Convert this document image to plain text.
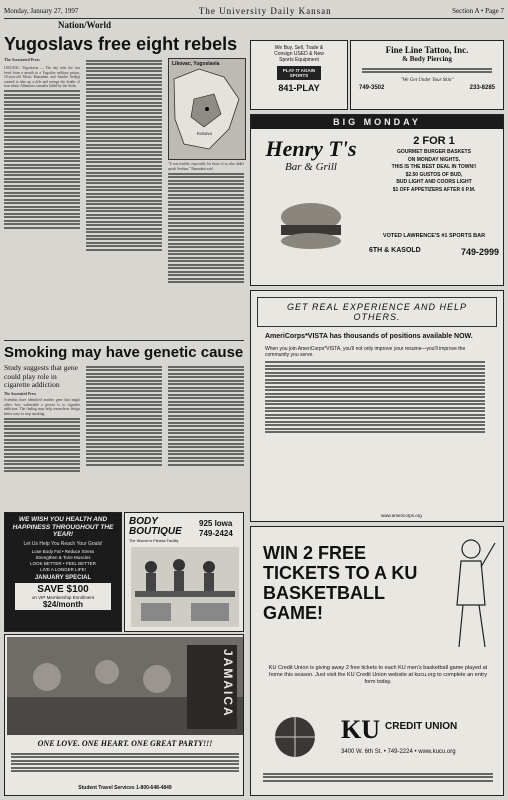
Monday, January 27, 1997	The University Daily Kansan	Section A • Page 7
Nation/World
Yugoslavs free eight rebels
The Associated Press
LIKOVAC, Yugoslavia — The day after the war freed from a month in a Yugoslav military prison, 18-year-old Moriz Ramadani and Sandra Avdijaj wanted to take up a rifle and avenge the deaths of four ethnic Albanian comrades killed by the Serbs.
Likovac, Yugoslavia
Kosovo
"It was terrible, especially for those of us who didn't speak Serbian," Ramadani said.
Smoking may have genetic cause
Study suggests that gene could play role in cigarette addiction
The Associated Press
Scientists have identified another gene that might affect how vulnerable a person is to cigarette addiction. The finding may help researchers design better ways to stop smoking.
WE WISH YOU HEALTH AND HAPPINESS THROUGHOUT THE YEAR!
Let Us Help You Reach Your Goals!
Lose Body Fat • Reduce Stress
Strengthen & Tone Muscles
LOOK BETTER • FEEL BETTER
LIVE A LONGER LIFE!
JANUARY SPECIAL
SAVE $100
on VIP Membership Enrollment
$24/month
BODY BOUTIQUE
The Women's Fitness Facility
925 Iowa
749-2424
JAMAICA
ONE LOVE. ONE HEART. ONE GREAT PARTY!!!
Student Travel Services 1-800-648-4849
We Buy, Sell, Trade &
Consign USED & New
Sports Equipment
PLAY IT AGAIN SPORTS
841-PLAY
Fine Line Tattoo, Inc.
& Body Piercing
"We Get Under Your Skin"
749-3502	233-8285
BIG MONDAY
Henry T's
Bar & Grill
2 FOR 1
GOURMET BURGER BASKETS
ON MONDAY NIGHTS.
THIS IS THE BEST DEAL IN TOWN!!
$2.50 GUSTOS OF BUD,
BUD LIGHT AND COORS LIGHT
$1 OFF APPETIZERS AFTER 6 P.M.
VOTED LAWRENCE'S #1 SPORTS BAR
6TH & KASOLD	749-2999
GET REAL EXPERIENCE AND HELP OTHERS.
AmeriCorps*VISTA has thousands of positions available NOW.
When you join AmeriCorps*VISTA, you'll not only improve your resume—you'll improve the community you serve.
www.americorps.org
WIN 2 FREE TICKETS TO A KU BASKETBALL GAME!
KU Credit Union is giving away 2 free tickets to each KU men's basketball game played at home this season. Just visit the KU Credit Union website at kucu.org to complete an entry form today.
KU CREDIT UNION
3400 W. 6th St. • 749-2224 • www.kucu.org
